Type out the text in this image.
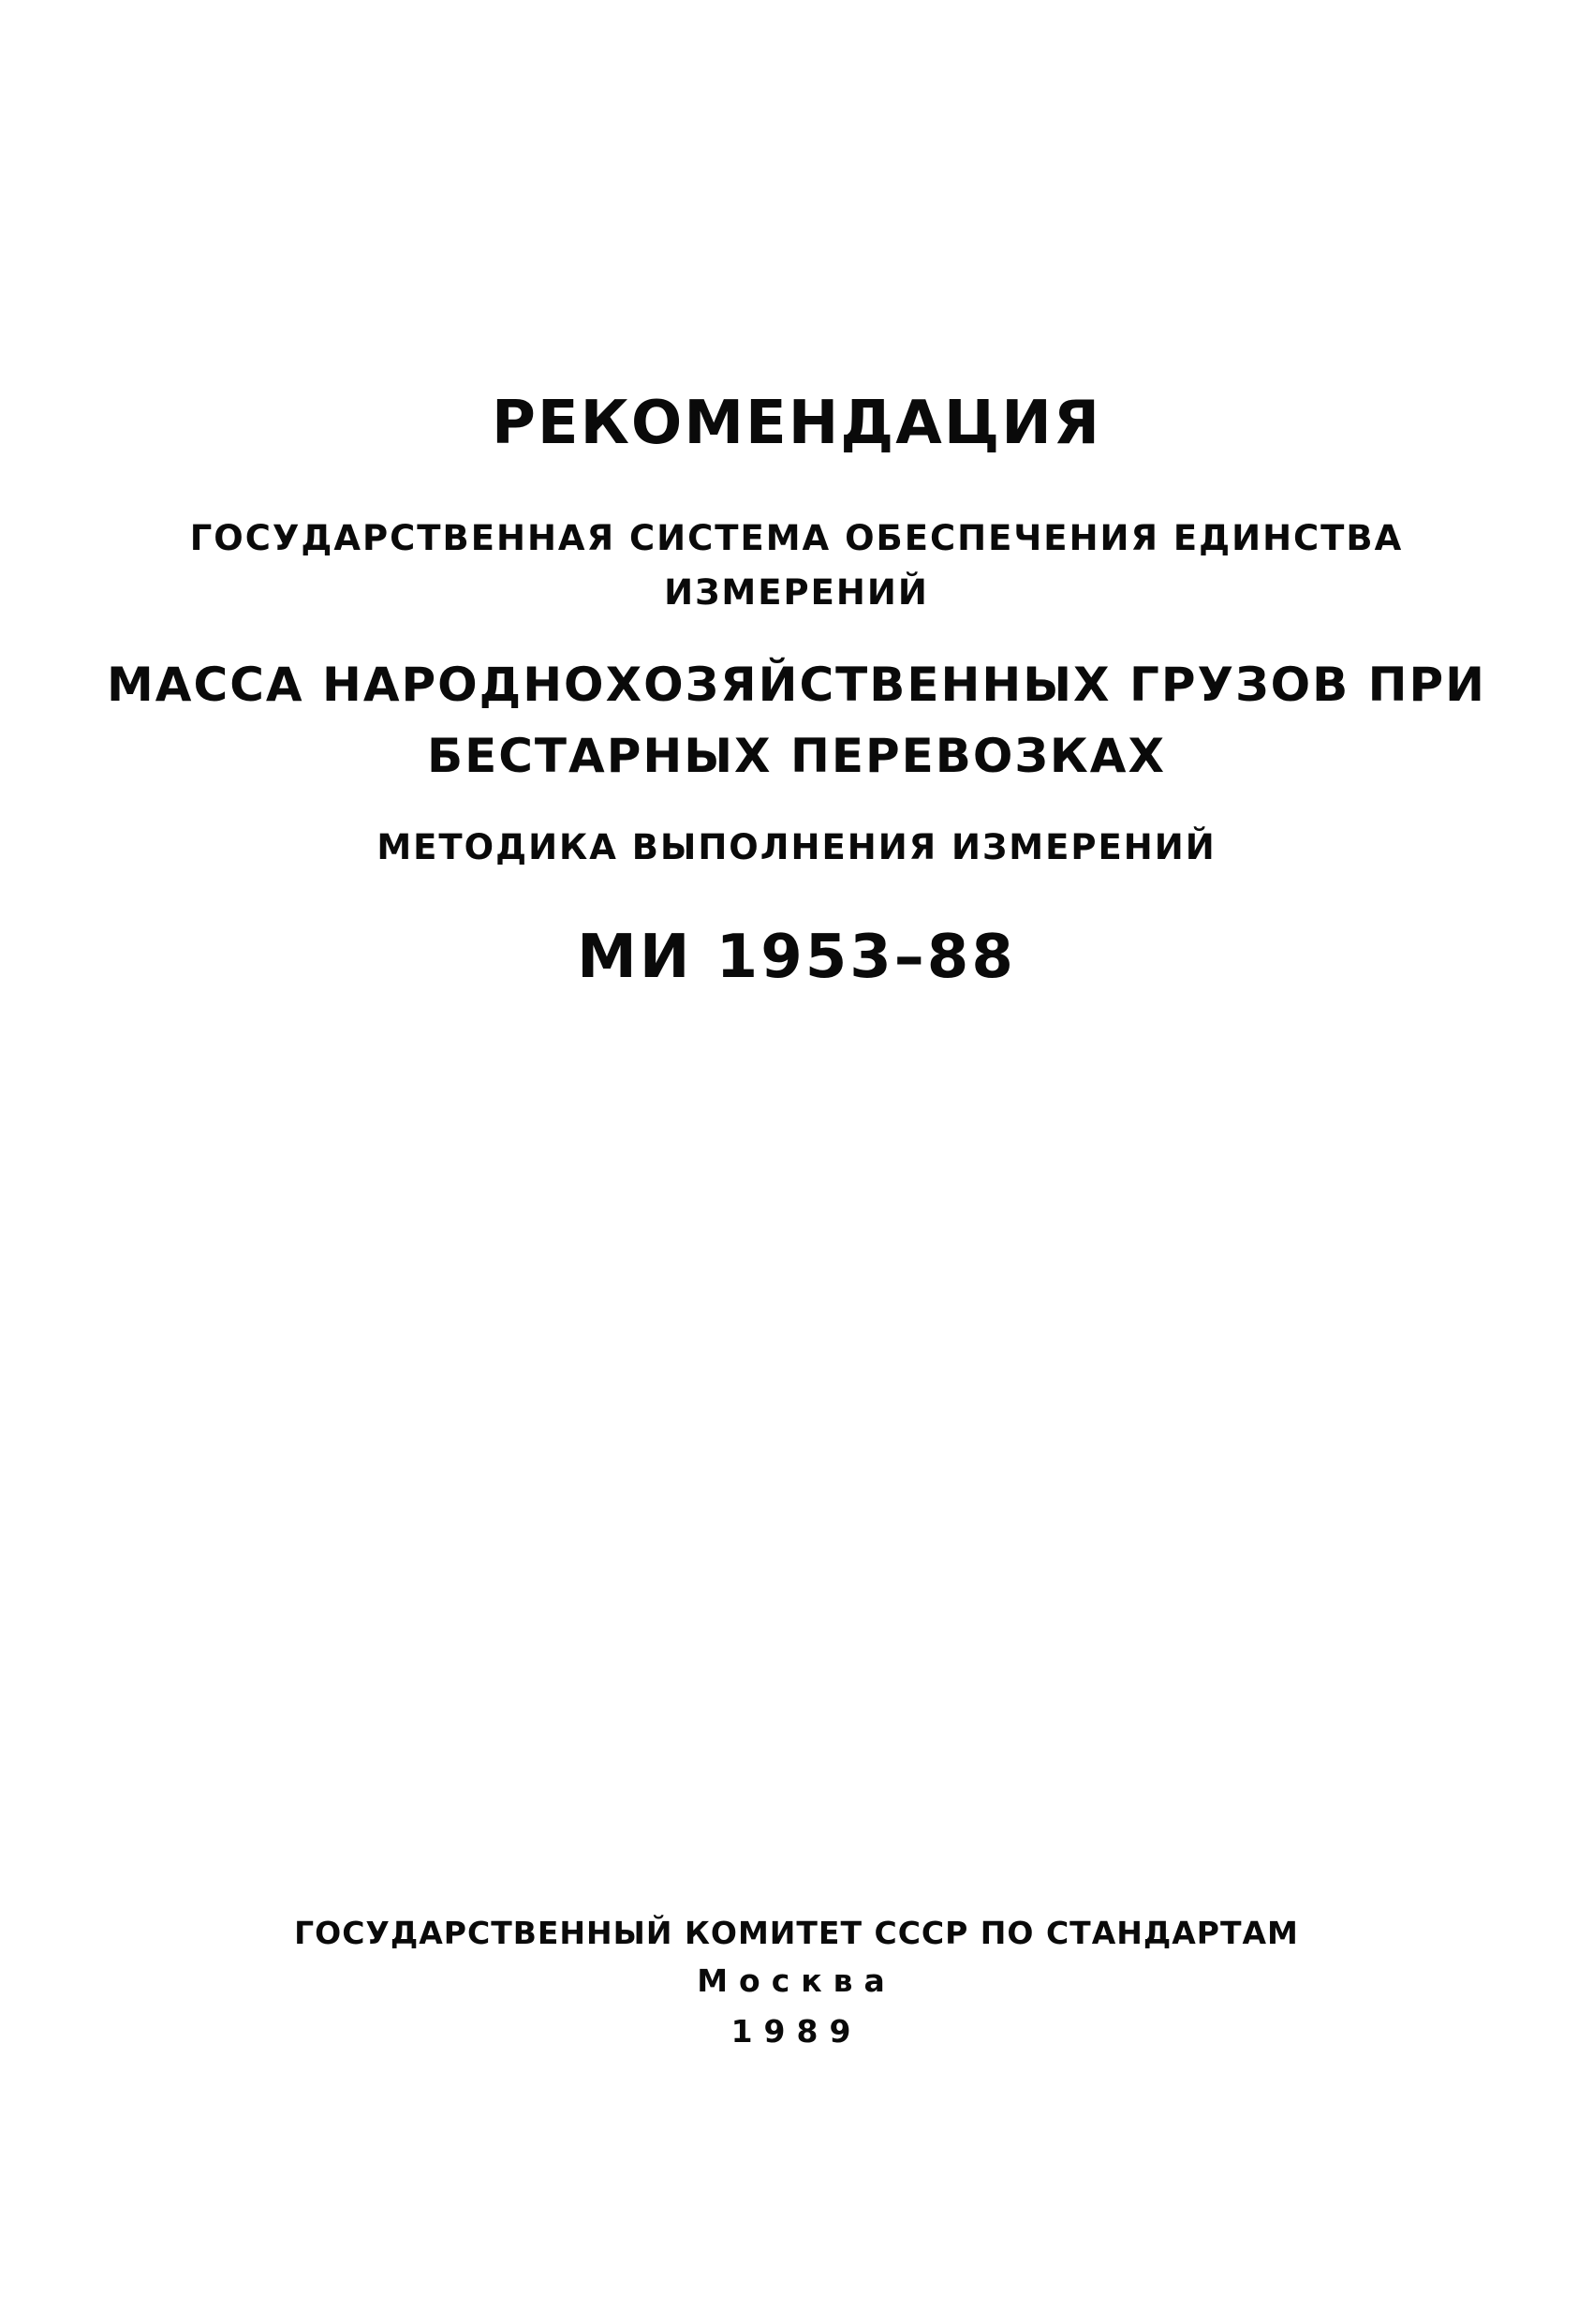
РЕКОМЕНДАЦИЯ
ГОСУДАРСТВЕННАЯ СИСТЕМА ОБЕСПЕЧЕНИЯ ЕДИНСТВА
ИЗМЕРЕНИЙ
МАССА НАРОДНОХОЗЯЙСТВЕННЫХ ГРУЗОВ ПРИ
БЕСТАРНЫХ ПЕРЕВОЗКАХ
МЕТОДИКА ВЫПОЛНЕНИЯ ИЗМЕРЕНИЙ
МИ 1953–88
ГОСУДАРСТВЕННЫЙ КОМИТЕТ СССР ПО СТАНДАРТАМ
Москва
1989
